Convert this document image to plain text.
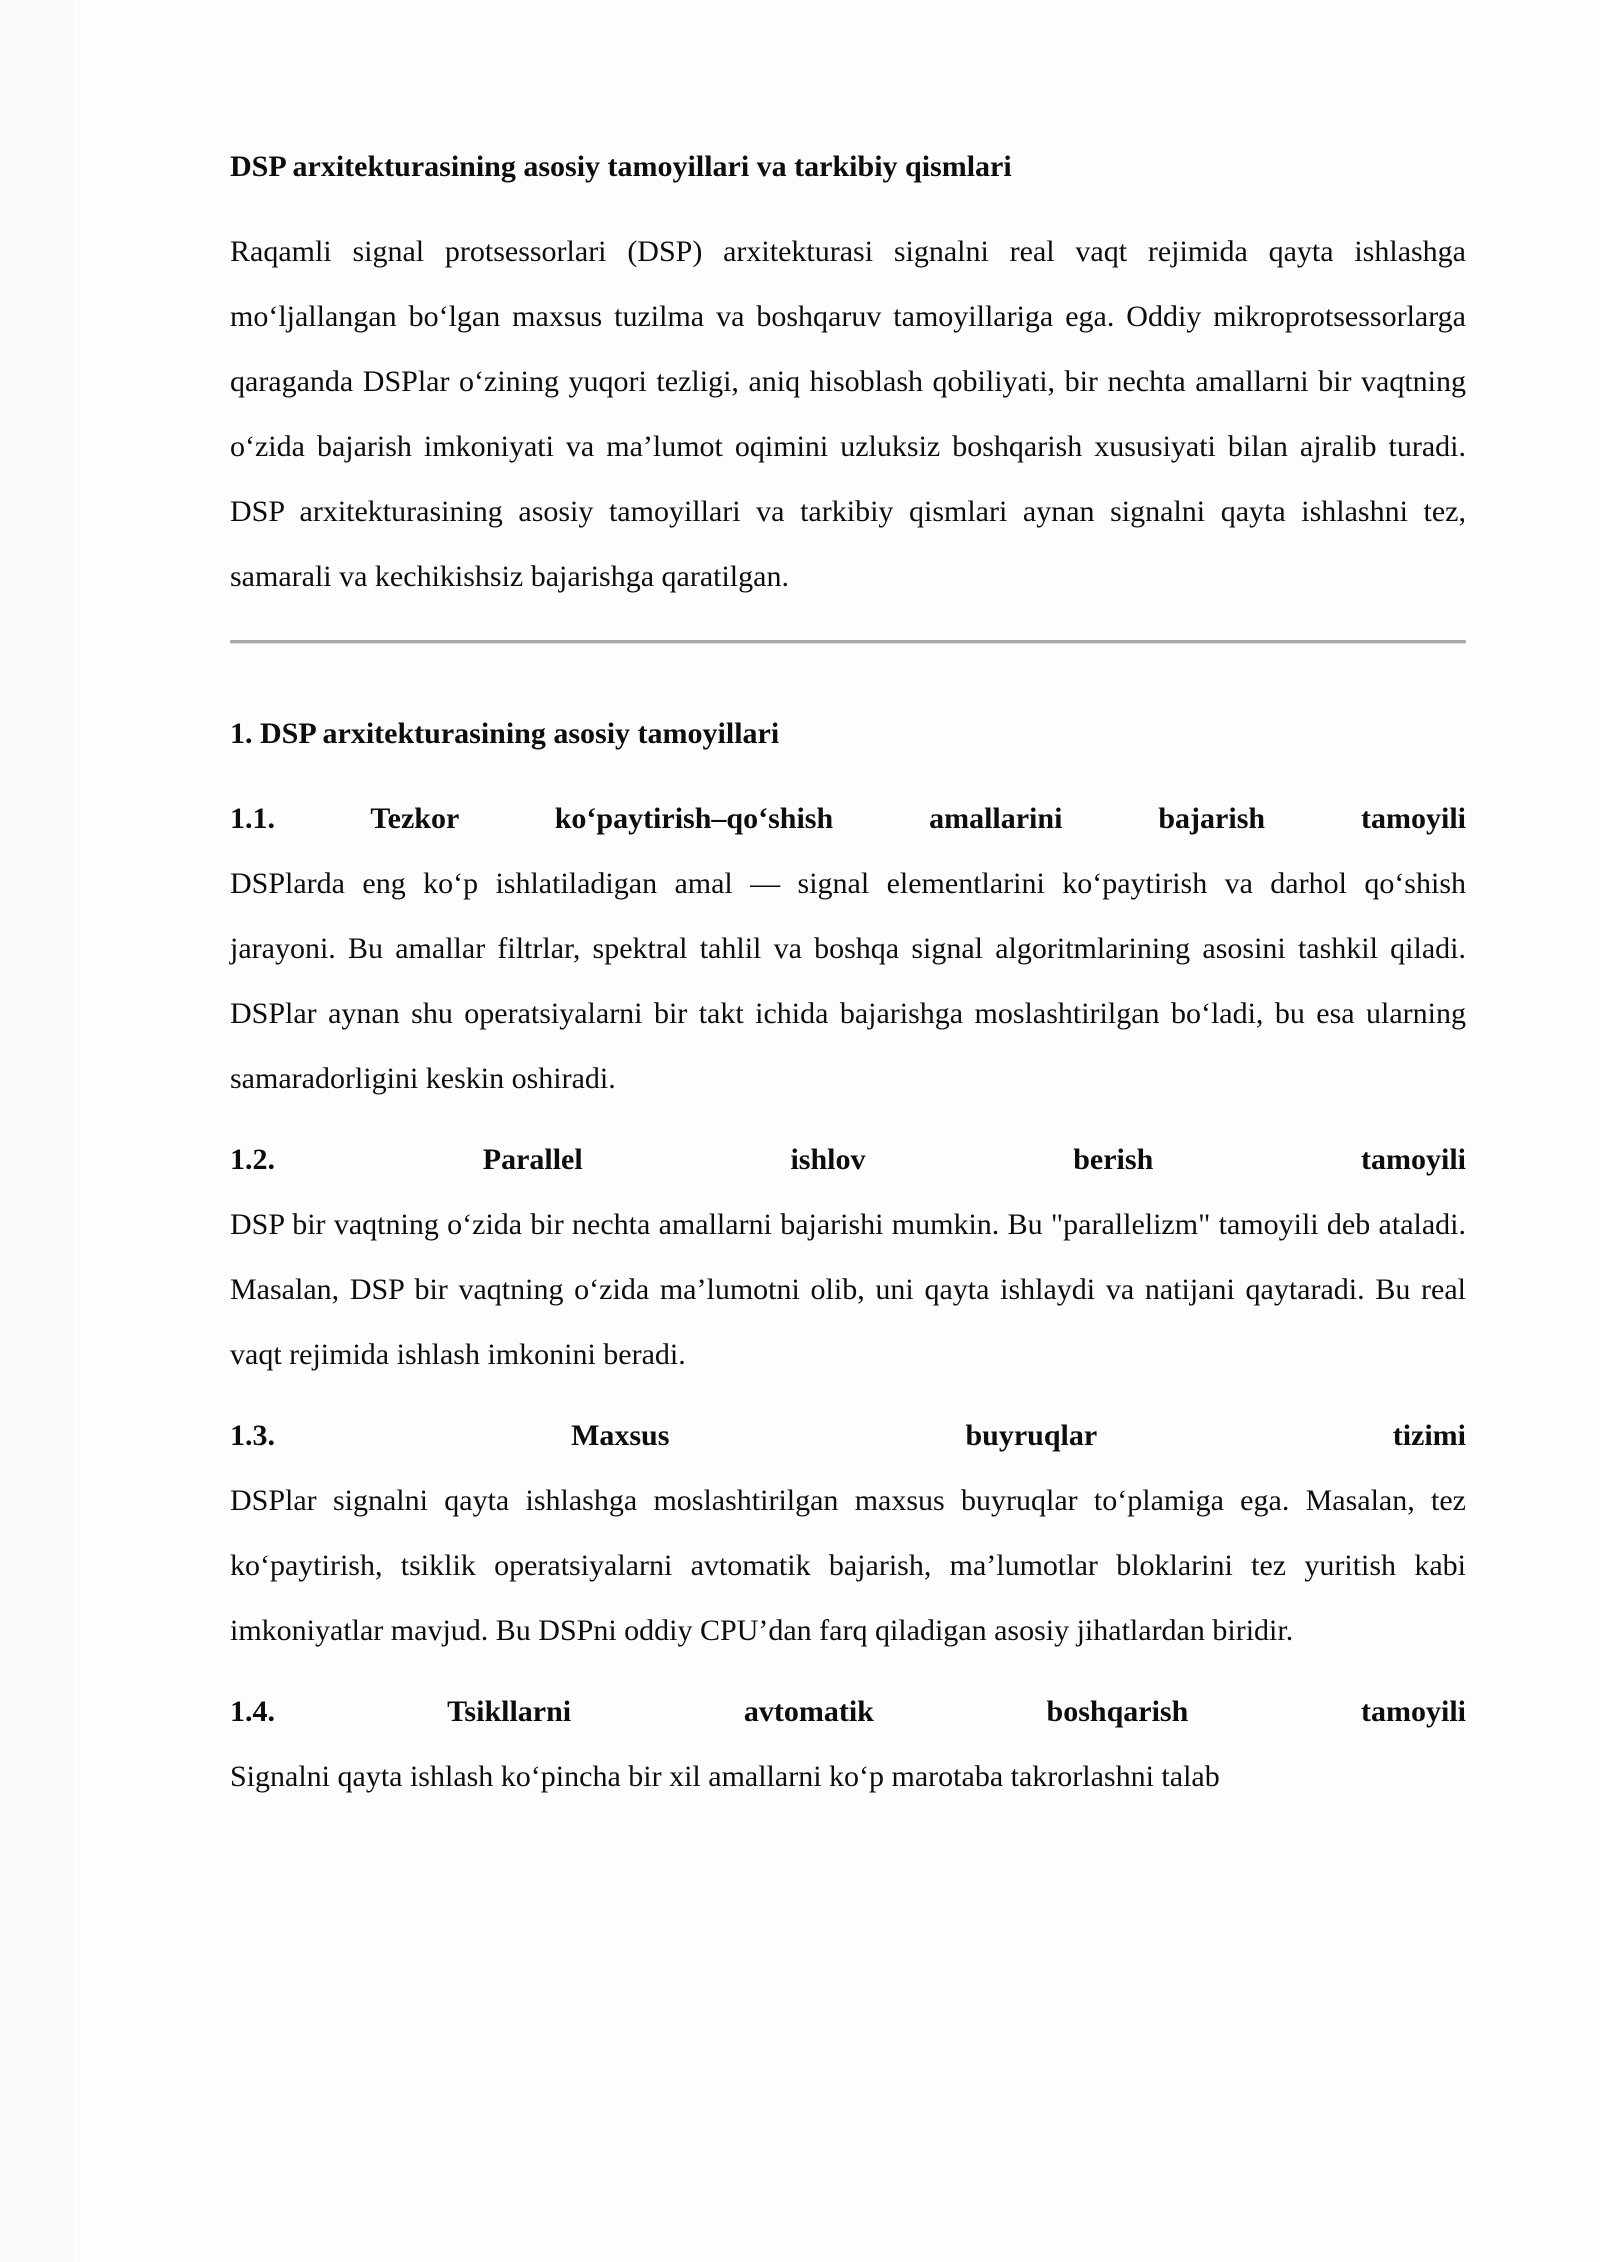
DSP arxitekturasining asosiy tamoyillari va tarkibiy qismlari

Raqamli signal protsessorlari (DSP) arxitekturasi signalni real vaqt rejimida qayta ishlashga mo‘ljallangan bo‘lgan maxsus tuzilma va boshqaruv tamoyillariga ega. Oddiy mikroprotsessorlarga qaraganda DSPlar o‘zining yuqori tezligi, aniq hisoblash qobiliyati, bir nechta amallarni bir vaqtning o‘zida bajarish imkoniyati va ma’lumot oqimini uzluksiz boshqarish xususiyati bilan ajralib turadi. DSP arxitekturasining asosiy tamoyillari va tarkibiy qismlari aynan signalni qayta ishlashni tez, samarali va kechikishsiz bajarishga qaratilgan.

1. DSP arxitekturasining asosiy tamoyillari
1.1. Tezkor ko‘paytirish–qo‘shish amallarini bajarish tamoyili

DSPlarda eng ko‘p ishlatiladigan amal — signal elementlarini ko‘paytirish va darhol qo‘shish jarayoni. Bu amallar filtrlar, spektral tahlil va boshqa signal algoritmlarining asosini tashkil qiladi. DSPlar aynan shu operatsiyalarni bir takt ichida bajarishga moslashtirilgan bo‘ladi, bu esa ularning samaradorligini keskin oshiradi.

1.2. Parallel ishlov berish tamoyili

DSP bir vaqtning o‘zida bir nechta amallarni bajarishi mumkin. Bu "parallelizm" tamoyili deb ataladi. Masalan, DSP bir vaqtning o‘zida ma’lumotni olib, uni qayta ishlaydi va natijani qaytaradi. Bu real vaqt rejimida ishlash imkonini beradi.

1.3. Maxsus buyruqlar tizimi

DSPlar signalni qayta ishlashga moslashtirilgan maxsus buyruqlar to‘plamiga ega. Masalan, tez ko‘paytirish, tsiklik operatsiyalarni avtomatik bajarish, ma’lumotlar bloklarini tez yuritish kabi imkoniyatlar mavjud. Bu DSPni oddiy CPU’dan farq qiladigan asosiy jihatlardan biridir.

1.4. Tsikllarni avtomatik boshqarish tamoyili

Signalni qayta ishlash ko‘pincha bir xil amallarni ko‘p marotaba takrorlashni talab
